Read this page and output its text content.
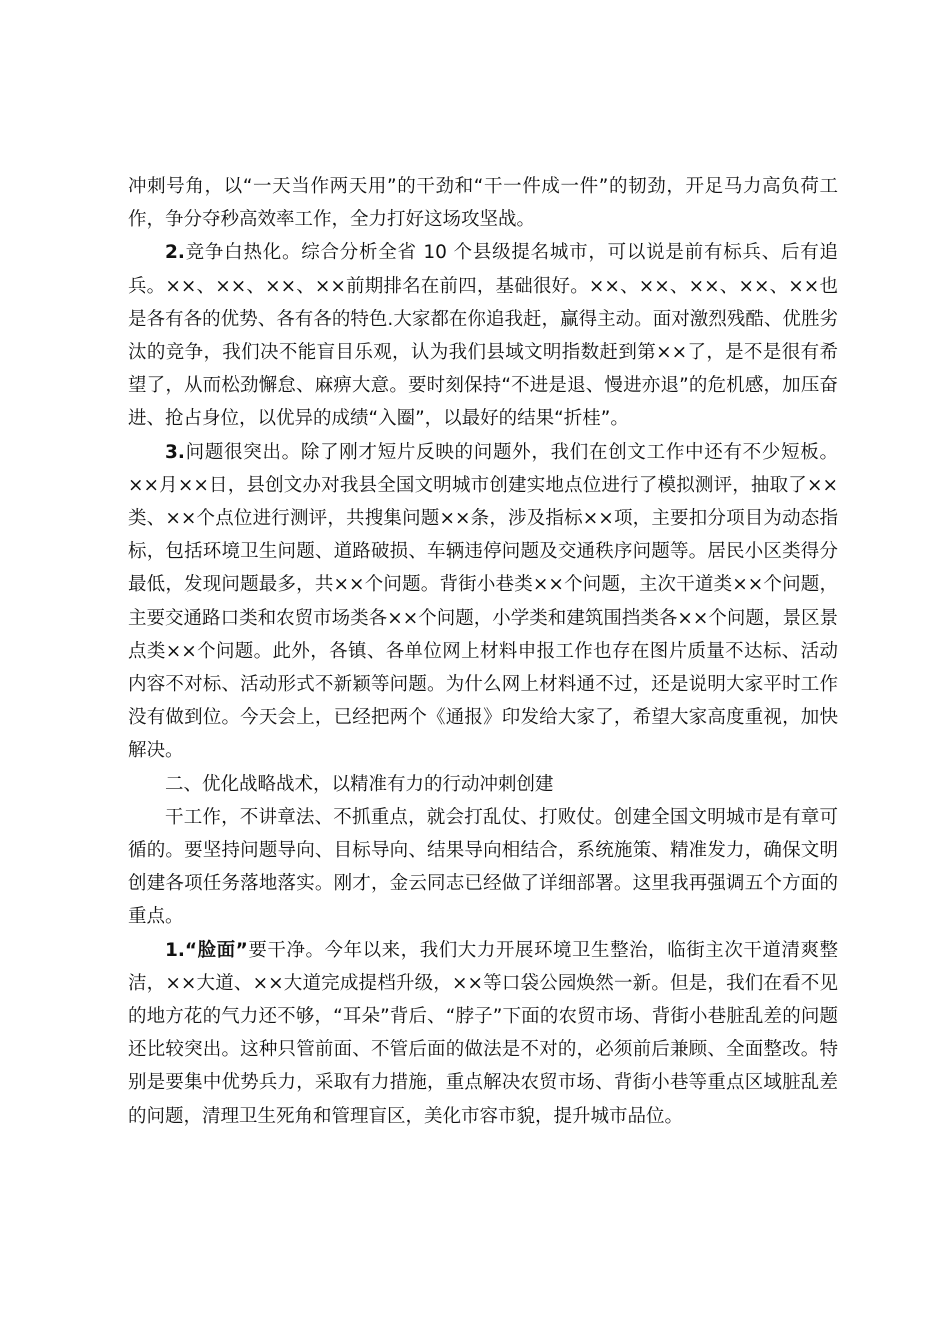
冲刺号角，以“一天当作两天用”的干劲和“干一件成一件”的韧劲，开足马力高负荷工作，争分夺秒高效率工作，全力打好这场攻坚战。

2.竞争白热化。综合分析全省 10 个县级提名城市，可以说是前有标兵、后有追兵。××、××、××、××前期排名在前四，基础很好。××、××、××、××、××也是各有各的优势、各有各的特色.大家都在你追我赶，赢得主动。面对激烈残酷、优胜劣汰的竞争，我们决不能盲目乐观，认为我们县域文明指数赶到第××了，是不是很有希望了，从而松劲懈怠、麻痹大意。要时刻保持“不进是退、慢进亦退”的危机感，加压奋进、抢占身位，以优异的成绩“入圈”，以最好的结果“折桂”。

3.问题很突出。除了刚才短片反映的问题外，我们在创文工作中还有不少短板。××月××日，县创文办对我县全国文明城市创建实地点位进行了模拟测评，抽取了××类、××个点位进行测评，共搜集问题××条，涉及指标××项，主要扣分项目为动态指标，包括环境卫生问题、道路破损、车辆违停问题及交通秩序问题等。居民小区类得分最低，发现问题最多，共××个问题。背街小巷类××个问题，主次干道类××个问题，主要交通路口类和农贸市场类各××个问题，小学类和建筑围挡类各××个问题，景区景点类××个问题。此外，各镇、各单位网上材料申报工作也存在图片质量不达标、活动内容不对标、活动形式不新颖等问题。为什么网上材料通不过，还是说明大家平时工作没有做到位。今天会上，已经把两个《通报》印发给大家了，希望大家高度重视，加快解决。

二、优化战略战术，以精准有力的行动冲刺创建

干工作，不讲章法、不抓重点，就会打乱仗、打败仗。创建全国文明城市是有章可循的。要坚持问题导向、目标导向、结果导向相结合，系统施策、精准发力，确保文明创建各项任务落地落实。刚才，金云同志已经做了详细部署。这里我再强调五个方面的重点。

1.“脸面”要干净。今年以来，我们大力开展环境卫生整治，临街主次干道清爽整洁，××大道、××大道完成提档升级，××等口袋公园焕然一新。但是，我们在看不见的地方花的气力还不够，“耳朵”背后、“脖子”下面的农贸市场、背街小巷脏乱差的问题还比较突出。这种只管前面、不管后面的做法是不对的，必须前后兼顾、全面整改。特别是要集中优势兵力，采取有力措施，重点解决农贸市场、背街小巷等重点区域脏乱差的问题，清理卫生死角和管理盲区，美化市容市貌，提升城市品位。
